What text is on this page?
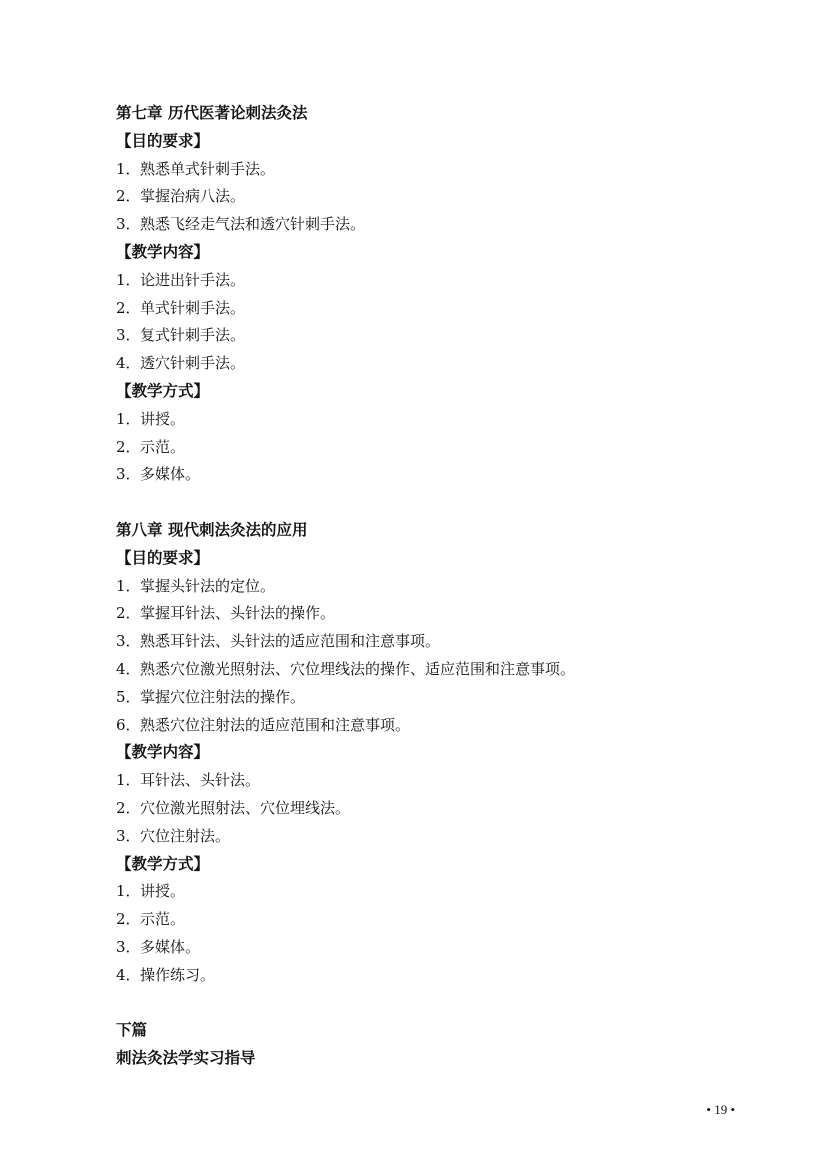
第七章 历代医著论刺法灸法
【目的要求】
1．熟悉单式针刺手法。
2．掌握治病八法。
3．熟悉飞经走气法和透穴针刺手法。
【教学内容】
1．论进出针手法。
2．单式针刺手法。
3．复式针刺手法。
4．透穴针刺手法。
【教学方式】
1．讲授。
2．示范。
3．多媒体。
第八章 现代刺法灸法的应用
【目的要求】
1．掌握头针法的定位。
2．掌握耳针法、头针法的操作。
3．熟悉耳针法、头针法的适应范围和注意事项。
4．熟悉穴位激光照射法、穴位埋线法的操作、适应范围和注意事项。
5．掌握穴位注射法的操作。
6．熟悉穴位注射法的适应范围和注意事项。
【教学内容】
1．耳针法、头针法。
2．穴位激光照射法、穴位埋线法。
3．穴位注射法。
【教学方式】
1．讲授。
2．示范。
3．多媒体。
4．操作练习。
下篇
刺法灸法学实习指导
• 19 •
